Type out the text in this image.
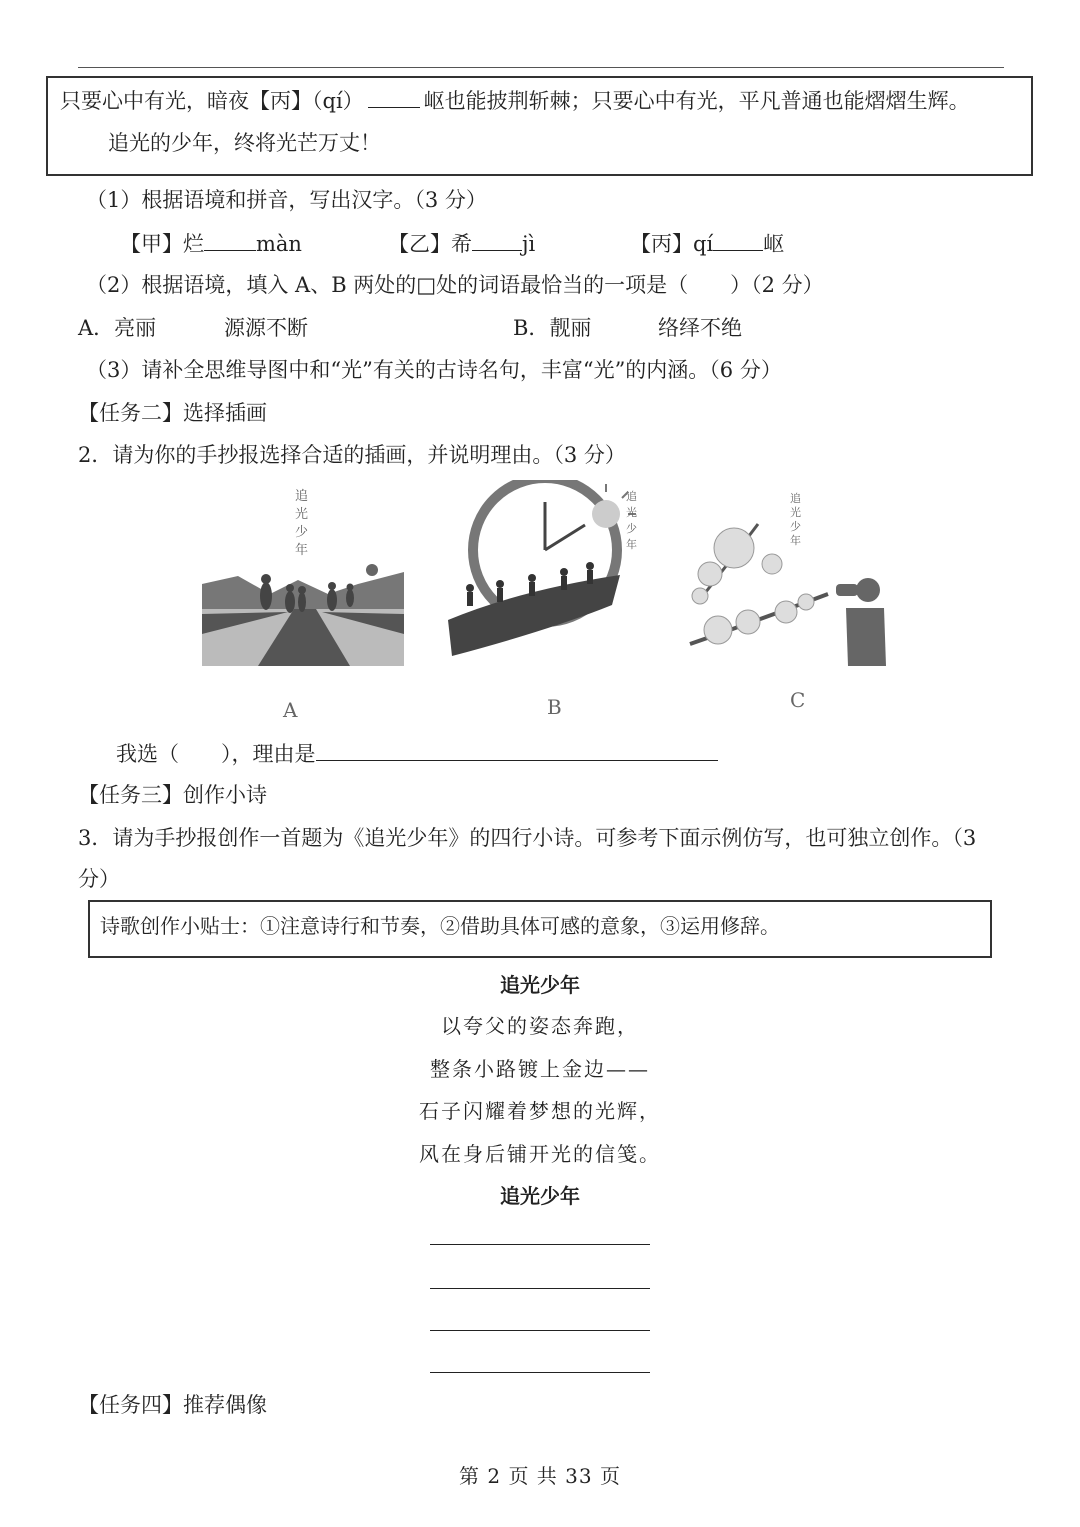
只要心中有光，暗夜【丙】（qí）	岖也能披荆斩棘；只要心中有光，平凡普通也能熠熠生辉。
追光的少年，终将光芒万丈！
（1）根据语境和拼音，写出汉字。（3 分）
【甲】烂 màn	【乙】希 jì	【丙】qí 岖
（2）根据语境，填入 A、B 两处的□处的词语最恰当的一项是（　　）（2 分）
A．亮丽	源源不断	B．靓丽	络绎不绝
（3）请补全思维导图中和“光”有关的古诗名句，丰富“光”的内涵。（6 分）
【任务二】选择插画
2．请为你的手抄报选择合适的插画，并说明理由。（3 分）
追
光
少
年
A
追
光
少
年
B
追
光
少
年
C
我选（　　），理由是
【任务三】创作小诗
3．请为手抄报创作一首题为《追光少年》的四行小诗。可参考下面示例仿写，也可独立创作。（3
分）
诗歌创作小贴士：①注意诗行和节奏，②借助具体可感的意象，③运用修辞。
追光少年
以夸父的姿态奔跑，
整条小路镀上金边——
石子闪耀着梦想的光辉，
风在身后铺开光的信笺。
追光少年
【任务四】推荐偶像
第 2 页 共 33 页
